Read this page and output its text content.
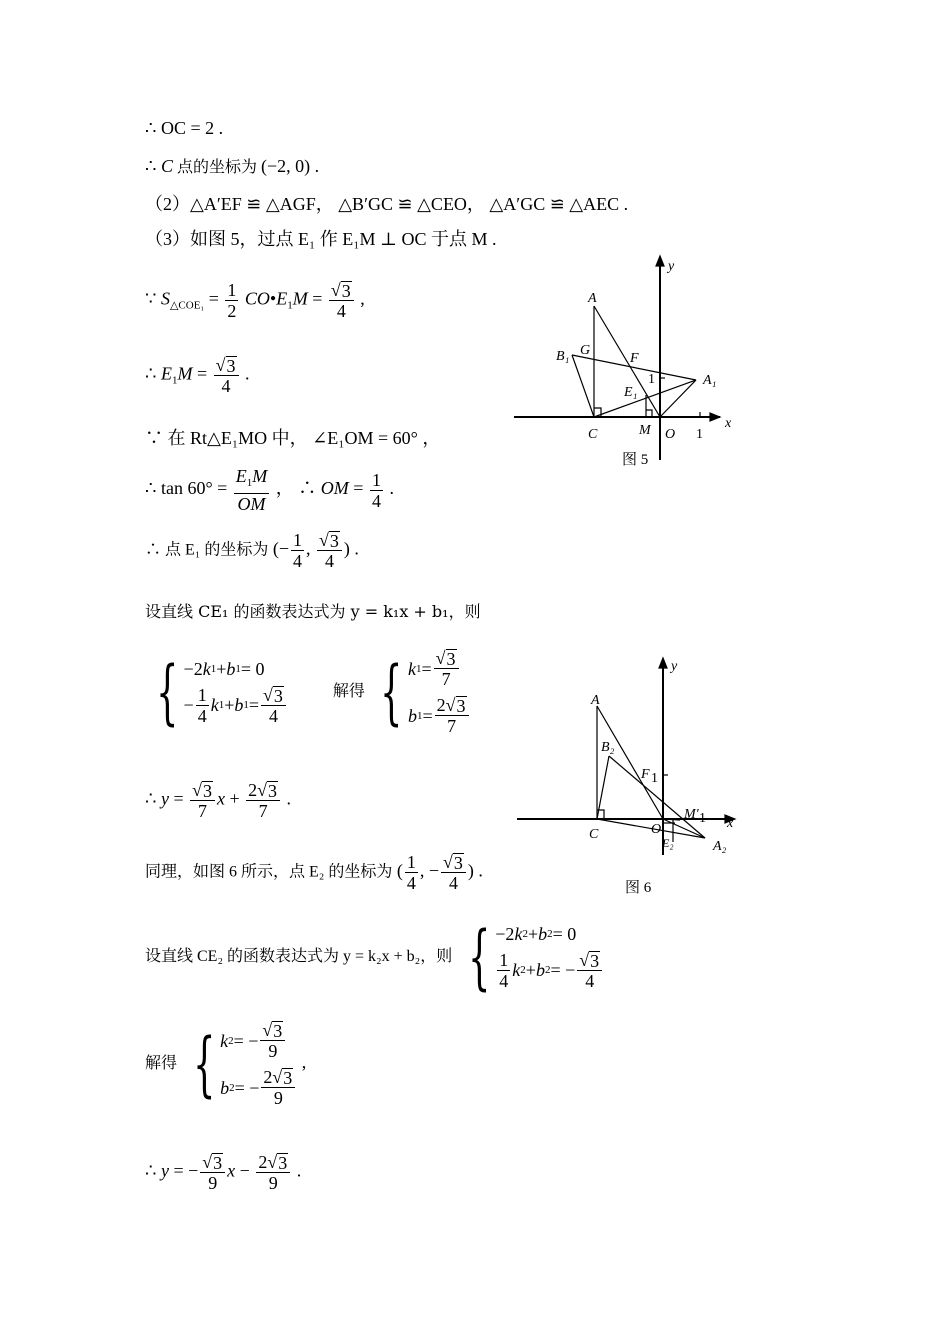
∴ OC = 2 .
∴ C 点的坐标为 (−2, 0) .
（2）△A′EF ≌ △AGF， △B′GC ≌ △CEO， △A′GC ≌ △AEC .
（3）如图 5，过点 E₁ 作 E₁M ⊥ OC 于点 M .
∵ $S_{\triangle COE_1} = \frac{1}{2}$ $CO•E_1M = \frac{√ 3}{4}$ ,
∴ $E_1M = \frac{√ 3}{4}$ .
∵ 在 Rt△E₁MO 中， ∠E₁OM = 60° ，
∴ $\tan 60^\circ = \frac{E_1M}{OM}$ ， ∴ OM = $\frac{1}{4}$ .
∴ 点 E₁ 的坐标为 (− $\frac{1}{4}$ , $\frac{√ 3}{4}$ ) .
设直线 CE₁ 的函数表达式为 y = k₁x + b₁，则
{ −2 k 1 + b 1 = 0
− $\frac{1}{4}$ k 1 + b $1 = \frac{√ 3}{4}$	解得 { k $1 = \frac{√ 3}{7}$
b $1 = \frac{2 √ 3}{7}$
∴ $y = \frac{√ 3}{7}$ $x + \frac{2 √ 3}{7}$ .
同理，如图 6 所示，点 E₂ 的坐标为 ( $\frac{1}{4}$ , − $\frac{√ 3}{4}$ ) .
设直线 CE₂ 的函数表达式为 y = k₂x + b₂，则 { −2 k 2 + b 2 = 0
$\frac{1}{4}$ k 2 + b 2 = − $\frac{√ 3}{4}$
解得 { k 2 = − $\frac{√ 3}{9}$
b 2 = − $\frac{2 √ 3}{9}$
,
∴ y = − $\frac{√ 3}{9}$ $x - \frac{2 √ 3}{9}$ .
A
B₁ G
F
A₁
E₁
C	M O 1
1
x
y
图 5
A
B₂
F 1
M′
C	O
E₂	A₂
x
y
1
图 6
